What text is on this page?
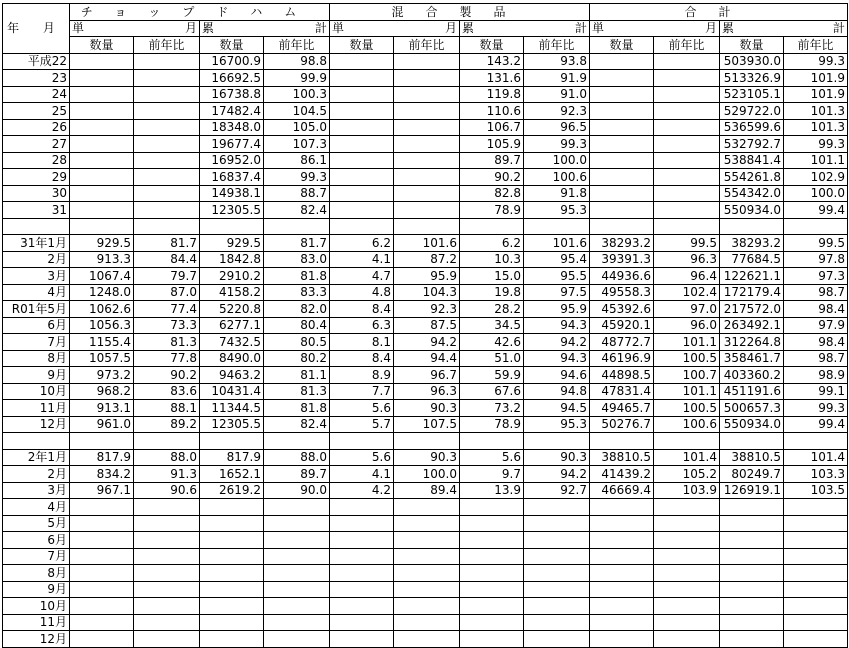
年 月	チョップドハム				混合製品				合計			

	単 月		累 計		単 月		累 計		単 月		累 計	

	数量	前年比	数量	前年比	数量	前年比	数量	前年比	数量	前年比	数量	前年比
平成22			16700.9	98.8			143.2	93.8			503930.0	99.3
23			16692.5	99.9			131.6	91.9			513326.9	101.9
24			16738.8	100.3			119.8	91.0			523105.1	101.9
25			17482.4	104.5			110.6	92.3			529722.0	101.3
26			18348.0	105.0			106.7	96.5			536599.6	101.3
27			19677.4	107.3			105.9	99.3			532792.7	99.3
28			16952.0	86.1			89.7	100.0			538841.4	101.1
29			16837.4	99.3			90.2	100.6			554261.8	102.9
30			14938.1	88.7			82.8	91.8			554342.0	100.0
31			12305.5	82.4			78.9	95.3			550934.0	99.4

31年1月	929.5	81.7	929.5	81.7	6.2	101.6	6.2	101.6	38293.2	99.5	38293.2	99.5
2月	913.3	84.4	1842.8	83.0	4.1	87.2	10.3	95.4	39391.3	96.3	77684.5	97.8
3月	1067.4	79.7	2910.2	81.8	4.7	95.9	15.0	95.5	44936.6	96.4	122621.1	97.3
4月	1248.0	87.0	4158.2	83.3	4.8	104.3	19.8	97.5	49558.3	102.4	172179.4	98.7
R01年5月	1062.6	77.4	5220.8	82.0	8.4	92.3	28.2	95.9	45392.6	97.0	217572.0	98.4
6月	1056.3	73.3	6277.1	80.4	6.3	87.5	34.5	94.3	45920.1	96.0	263492.1	97.9
7月	1155.4	81.3	7432.5	80.5	8.1	94.2	42.6	94.2	48772.7	101.1	312264.8	98.4
8月	1057.5	77.8	8490.0	80.2	8.4	94.4	51.0	94.3	46196.9	100.5	358461.7	98.7
9月	973.2	90.2	9463.2	81.1	8.9	96.7	59.9	94.6	44898.5	100.7	403360.2	98.9
10月	968.2	83.6	10431.4	81.3	7.7	96.3	67.6	94.8	47831.4	101.1	451191.6	99.1
11月	913.1	88.1	11344.5	81.8	5.6	90.3	73.2	94.5	49465.7	100.5	500657.3	99.3
12月	961.0	89.2	12305.5	82.4	5.7	107.5	78.9	95.3	50276.7	100.6	550934.0	99.4

2年1月	817.9	88.0	817.9	88.0	5.6	90.3	5.6	90.3	38810.5	101.4	38810.5	101.4
2月	834.2	91.3	1652.1	89.7	4.1	100.0	9.7	94.2	41439.2	105.2	80249.7	103.3
3月	967.1	90.6	2619.2	90.0	4.2	89.4	13.9	92.7	46669.4	103.9	126919.1	103.5
4月												
5月												
6月												
7月												
8月												
9月												
10月												
11月												
12月												
